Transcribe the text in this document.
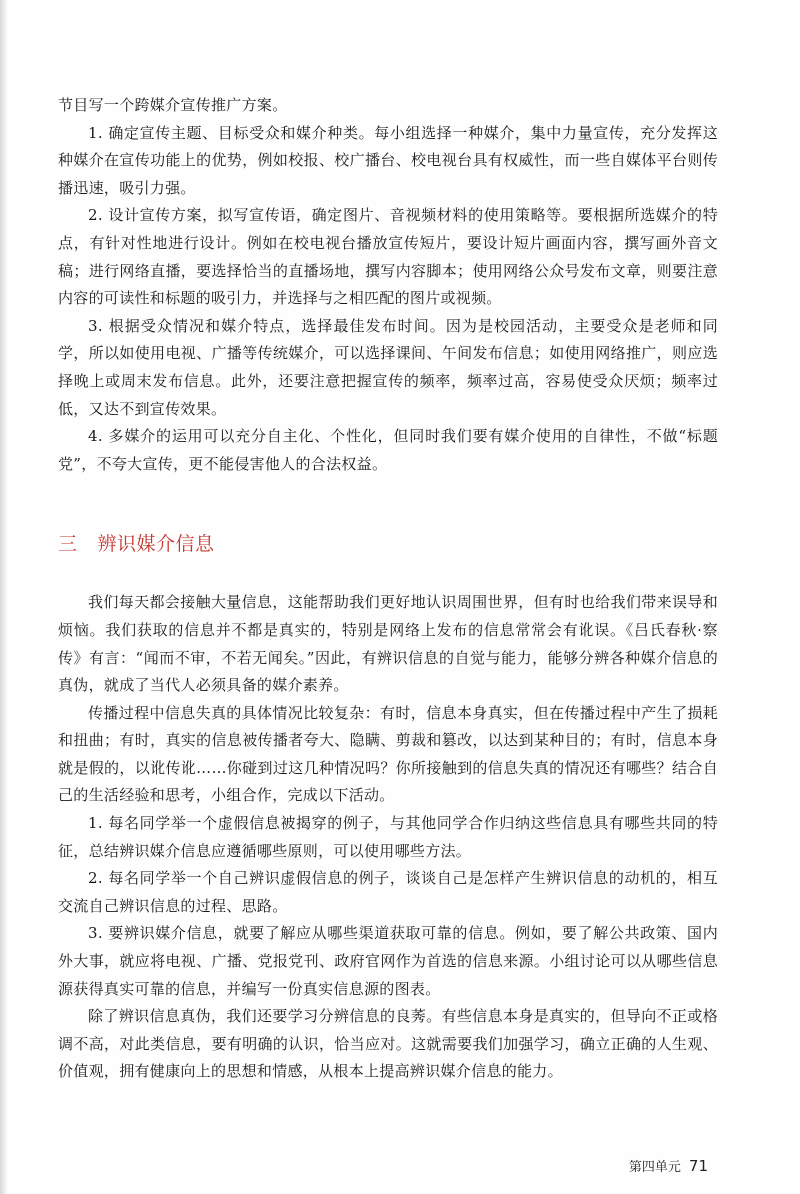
节目写一个跨媒介宣传推广方案。

1. 确定宣传主题、目标受众和媒介种类。每小组选择一种媒介，集中力量宣传，充分发挥这种媒介在宣传功能上的优势，例如校报、校广播台、校电视台具有权威性，而一些自媒体平台则传播迅速，吸引力强。

2. 设计宣传方案，拟写宣传语，确定图片、音视频材料的使用策略等。要根据所选媒介的特点，有针对性地进行设计。例如在校电视台播放宣传短片，要设计短片画面内容，撰写画外音文稿；进行网络直播，要选择恰当的直播场地，撰写内容脚本；使用网络公众号发布文章，则要注意内容的可读性和标题的吸引力，并选择与之相匹配的图片或视频。

3. 根据受众情况和媒介特点，选择最佳发布时间。因为是校园活动，主要受众是老师和同学，所以如使用电视、广播等传统媒介，可以选择课间、午间发布信息；如使用网络推广，则应选择晚上或周末发布信息。此外，还要注意把握宣传的频率，频率过高，容易使受众厌烦；频率过低，又达不到宣传效果。

4. 多媒介的运用可以充分自主化、个性化，但同时我们要有媒介使用的自律性，不做“标题党”，不夸大宣传，更不能侵害他人的合法权益。

三 辨识媒介信息

我们每天都会接触大量信息，这能帮助我们更好地认识周围世界，但有时也给我们带来误导和烦恼。我们获取的信息并不都是真实的，特别是网络上发布的信息常常会有讹误。《吕氏春秋·察传》有言：“闻而不审，不若无闻矣。”因此，有辨识信息的自觉与能力，能够分辨各种媒介信息的真伪，就成了当代人必须具备的媒介素养。

传播过程中信息失真的具体情况比较复杂：有时，信息本身真实，但在传播过程中产生了损耗和扭曲；有时，真实的信息被传播者夸大、隐瞒、剪裁和篡改，以达到某种目的；有时，信息本身就是假的，以讹传讹……你碰到过这几种情况吗？你所接触到的信息失真的情况还有哪些？结合自己的生活经验和思考，小组合作，完成以下活动。

1. 每名同学举一个虚假信息被揭穿的例子，与其他同学合作归纳这些信息具有哪些共同的特征，总结辨识媒介信息应遵循哪些原则，可以使用哪些方法。

2. 每名同学举一个自己辨识虚假信息的例子，谈谈自己是怎样产生辨识信息的动机的，相互交流自己辨识信息的过程、思路。

3. 要辨识媒介信息，就要了解应从哪些渠道获取可靠的信息。例如，要了解公共政策、国内外大事，就应将电视、广播、党报党刊、政府官网作为首选的信息来源。小组讨论可以从哪些信息源获得真实可靠的信息，并编写一份真实信息源的图表。

除了辨识信息真伪，我们还要学习分辨信息的良莠。有些信息本身是真实的，但导向不正或格调不高，对此类信息，要有明确的认识，恰当应对。这就需要我们加强学习，确立正确的人生观、价值观，拥有健康向上的思想和情感，从根本上提高辨识媒介信息的能力。

第四单元 71
